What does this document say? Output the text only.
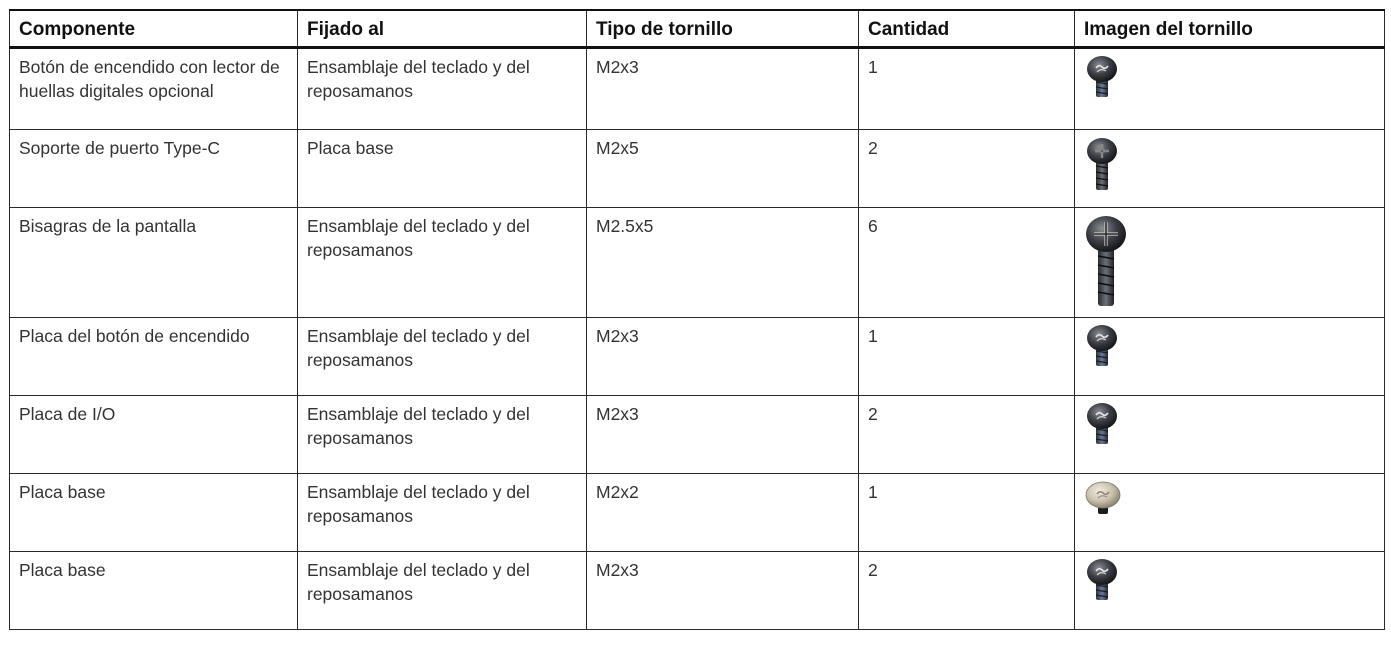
Componente	Fijado al	Tipo de tornillo	Cantidad	Imagen del tornillo
Botón de encendido con lector de huellas digitales opcional	Ensamblaje del teclado y del reposamanos	M2x3	1	

Soporte de puerto Type-C	Placa base	M2x5	2	

Bisagras de la pantalla	Ensamblaje del teclado y del reposamanos	M2.5x5	6	

Placa del botón de encendido	Ensamblaje del teclado y del reposamanos	M2x3	1	

Placa de I/O	Ensamblaje del teclado y del reposamanos	M2x3	2	

Placa base	Ensamblaje del teclado y del reposamanos	M2x2	1	

Placa base	Ensamblaje del teclado y del reposamanos	M2x3	2	
